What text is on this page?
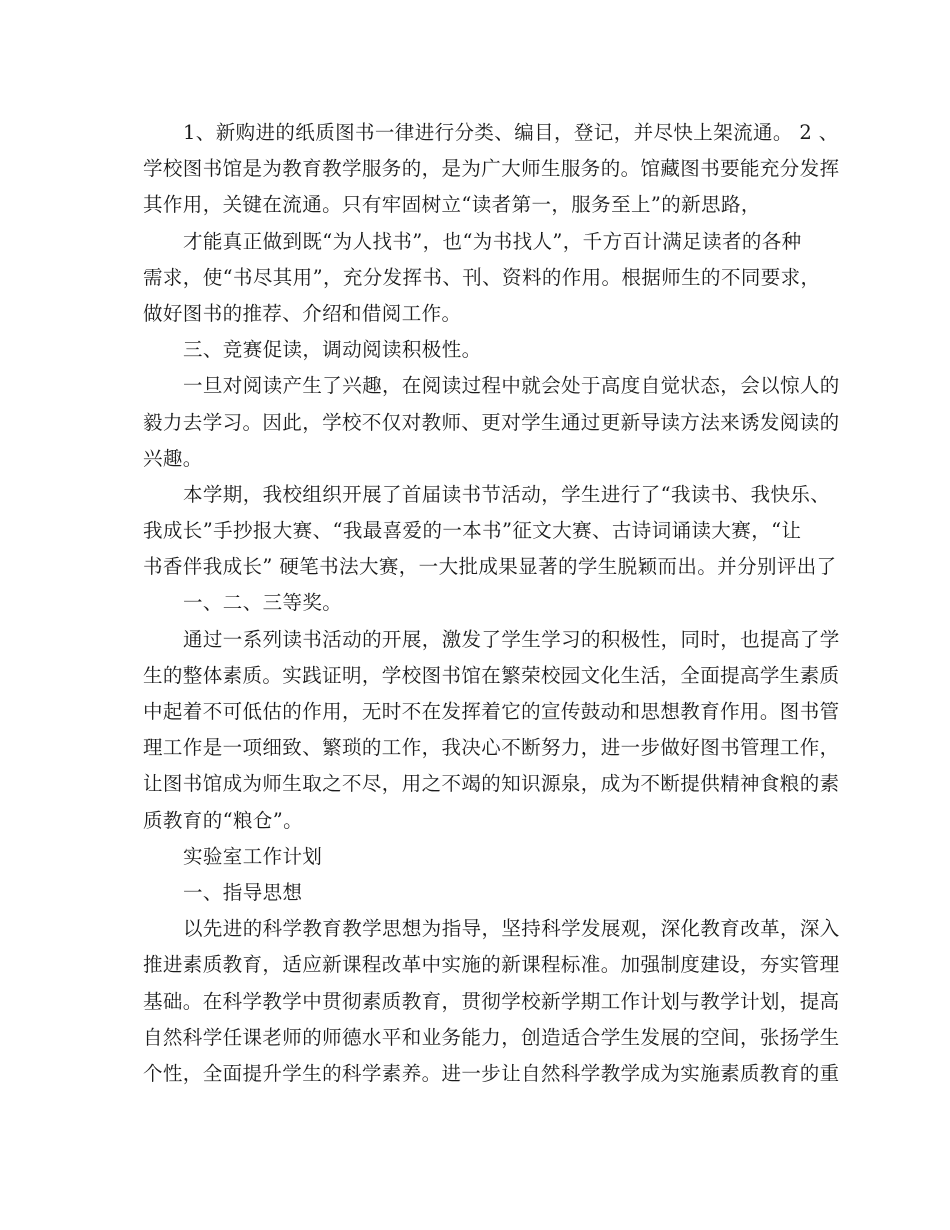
1、新购进的纸质图书一律进行分类、编目，登记，并尽快上架流通。 2 、
学校图书馆是为教育教学服务的，是为广大师生服务的。馆藏图书要能充分发挥
其作用，关键在流通。只有牢固树立“读者第一，服务至上”的新思路，
才能真正做到既“为人找书”，也“为书找人”，千方百计满足读者的各种
需求，使“书尽其用”，充分发挥书、刊、资料的作用。根据师生的不同要求，
做好图书的推荐、介绍和借阅工作。
三、竞赛促读，调动阅读积极性。
一旦对阅读产生了兴趣，在阅读过程中就会处于高度自觉状态，会以惊人的
毅力去学习。因此，学校不仅对教师、更对学生通过更新导读方法来诱发阅读的
兴趣。
本学期，我校组织开展了首届读书节活动，学生进行了“我读书、我快乐、
我成长”手抄报大赛、“我最喜爱的一本书”征文大赛、古诗词诵读大赛，“让
书香伴我成长” 硬笔书法大赛，一大批成果显著的学生脱颖而出。并分别评出了
一、二、三等奖。
通过一系列读书活动的开展，激发了学生学习的积极性，同时，也提高了学
生的整体素质。实践证明，学校图书馆在繁荣校园文化生活，全面提高学生素质
中起着不可低估的作用，无时不在发挥着它的宣传鼓动和思想教育作用。图书管
理工作是一项细致、繁琐的工作，我决心不断努力，进一步做好图书管理工作，
让图书馆成为师生取之不尽，用之不竭的知识源泉，成为不断提供精神食粮的素
质教育的“粮仓”。
实验室工作计划
一、指导思想
以先进的科学教育教学思想为指导，坚持科学发展观，深化教育改革，深入
推进素质教育，适应新课程改革中实施的新课程标准。加强制度建设，夯实管理
基础。在科学教学中贯彻素质教育，贯彻学校新学期工作计划与教学计划，提高
自然科学任课老师的师德水平和业务能力，创造适合学生发展的空间，张扬学生
个性，全面提升学生的科学素养。进一步让自然科学教学成为实施素质教育的重
